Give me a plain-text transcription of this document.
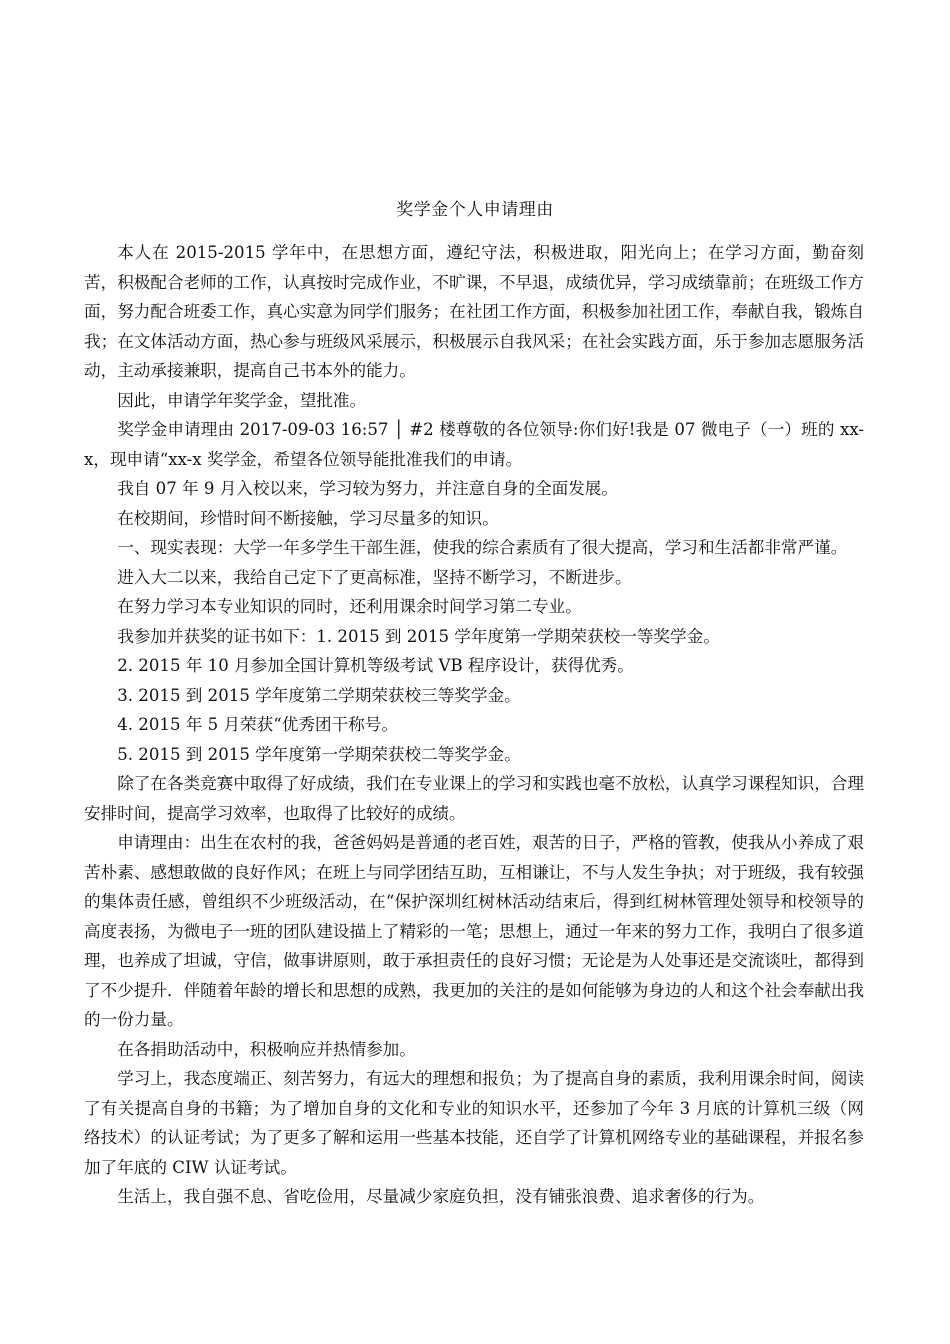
奖学金个人申请理由

本人在 2015-2015 学年中，在思想方面，遵纪守法，积极进取，阳光向上；在学习方面，勤奋刻苦，积极配合老师的工作，认真按时完成作业，不旷课，不早退，成绩优异，学习成绩靠前；在班级工作方面，努力配合班委工作，真心实意为同学们服务；在社团工作方面，积极参加社团工作，奉献自我，锻炼自我；在文体活动方面，热心参与班级风采展示，积极展示自我风采；在社会实践方面，乐于参加志愿服务活动，主动承接兼职，提高自己书本外的能力。

因此，申请学年奖学金，望批准。

奖学金申请理由 2017-09-03 16:57 │ #2 楼尊敬的各位领导:你们好!我是 07 微电子（一）班的 xx-x，现申请“xx-x 奖学金，希望各位领导能批准我们的申请。

我自 07 年 9 月入校以来，学习较为努力，并注意自身的全面发展。

在校期间，珍惜时间不断接触，学习尽量多的知识。

一、现实表现：大学一年多学生干部生涯，使我的综合素质有了很大提高，学习和生活都非常严谨。

进入大二以来，我给自己定下了更高标准，坚持不断学习，不断进步。

在努力学习本专业知识的同时，还利用课余时间学习第二专业。

我参加并获奖的证书如下：1. 2015 到 2015 学年度第一学期荣获校一等奖学金。

2. 2015 年 10 月参加全国计算机等级考试 VB 程序设计，获得优秀。

3. 2015 到 2015 学年度第二学期荣获校三等奖学金。

4. 2015 年 5 月荣获“优秀团干称号。

5. 2015 到 2015 学年度第一学期荣获校二等奖学金。

除了在各类竞赛中取得了好成绩，我们在专业课上的学习和实践也毫不放松，认真学习课程知识，合理安排时间，提高学习效率，也取得了比较好的成绩。

申请理由：出生在农村的我，爸爸妈妈是普通的老百姓，艰苦的日子，严格的管教，使我从小养成了艰苦朴素、感想敢做的良好作风；在班上与同学团结互助，互相谦让，不与人发生争执；对于班级，我有较强的集体责任感，曾组织不少班级活动，在“保护深圳红树林活动结束后，得到红树林管理处领导和校领导的高度表扬，为微电子一班的团队建设描上了精彩的一笔；思想上，通过一年来的努力工作，我明白了很多道理，也养成了坦诚，守信，做事讲原则，敢于承担责任的良好习惯；无论是为人处事还是交流谈吐，都得到了不少提升．伴随着年龄的增长和思想的成熟，我更加的关注的是如何能够为身边的人和这个社会奉献出我的一份力量。

在各捐助活动中，积极响应并热情参加。

学习上，我态度端正、刻苦努力，有远大的理想和报负；为了提高自身的素质，我利用课余时间，阅读了有关提高自身的书籍；为了增加自身的文化和专业的知识水平，还参加了今年 3 月底的计算机三级（网络技术）的认证考试；为了更多了解和运用一些基本技能，还自学了计算机网络专业的基础课程，并报名参加了年底的 CIW 认证考试。

生活上，我自强不息、省吃俭用，尽量减少家庭负担，没有铺张浪费、追求奢侈的行为。
